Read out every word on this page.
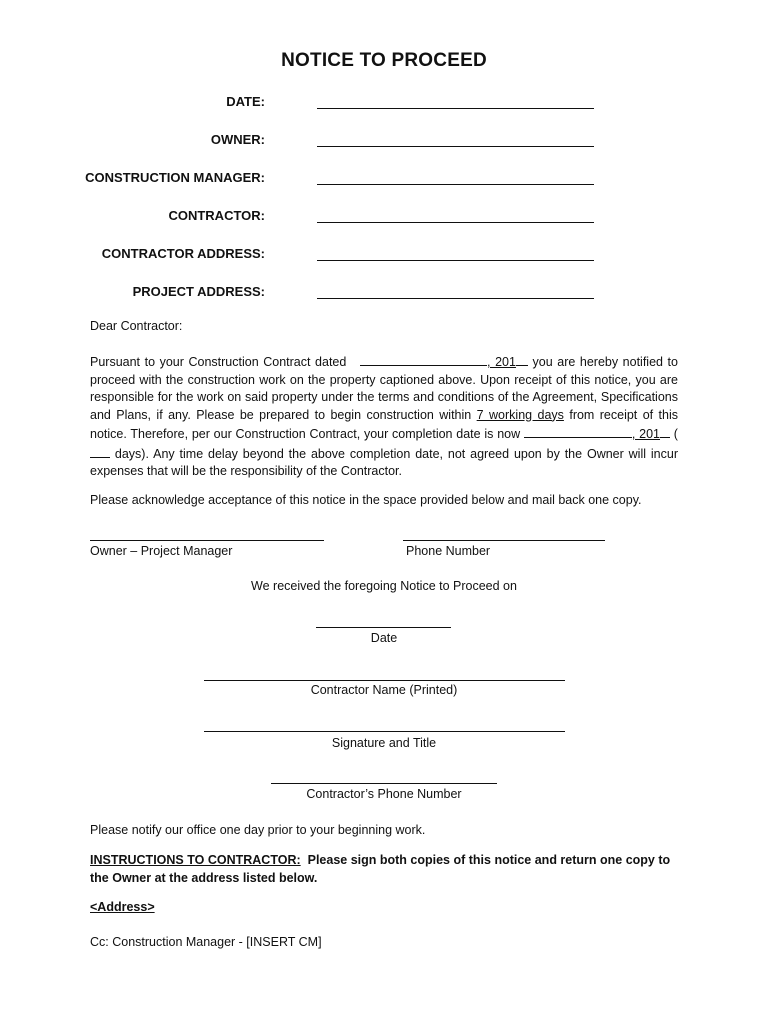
NOTICE TO PROCEED
DATE:
OWNER:
CONSTRUCTION MANAGER:
CONTRACTOR:
CONTRACTOR ADDRESS:
PROJECT ADDRESS:
Dear Contractor:
Pursuant to your Construction Contract dated	, 201 you are hereby notified to proceed with the construction work on the property captioned above. Upon receipt of this notice, you are responsible for the work on said property under the terms and conditions of the Agreement, Specifications and Plans, if any. Please be prepared to begin construction within 7 working days from receipt of this notice. Therefore, per our Construction Contract, your completion date is now	, 201 ( days). Any time delay beyond the above completion date, not agreed upon by the Owner will incur expenses that will be the responsibility of the Contractor.
Please acknowledge acceptance of this notice in the space provided below and mail back one copy.
Owner – Project Manager	Phone Number
We received the foregoing Notice to Proceed on
Date
Contractor Name (Printed)
Signature and Title
Contractor’s Phone Number
Please notify our office one day prior to your beginning work.
INSTRUCTIONS TO CONTRACTOR: Please sign both copies of this notice and return one copy to the Owner at the address listed below.
<Address>
Cc: Construction Manager - [INSERT CM]
